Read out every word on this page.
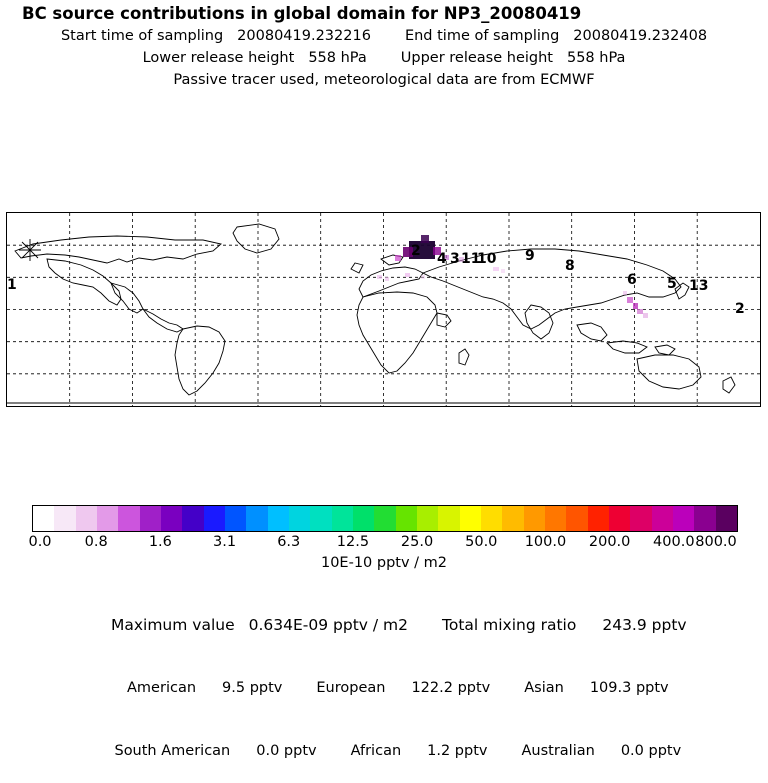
BC source contributions in global domain for NP3_20080419
Start time of sampling 20080419.232216 End time of sampling 20080419.232408
Lower release height 558 hPa Upper release height 558 hPa
Passive tracer used, meteorological data are from ECMWF
1
2 4 3 11
10 9
8
6 5 13
2
0.0 0.8	1.6	3.1	6.3	12.5 25.0 50.0 100.0 200.0 400.0 800.0
10E-10 pptv / m2

Maximum value 0.634E-09 pptv / m2 Total mixing ratio 243.9 pptv

American 9.5 pptv European 122.2 pptv Asian 109.3 pptv

South American 0.0 pptv African 1.2 pptv Australian 0.0 pptv
